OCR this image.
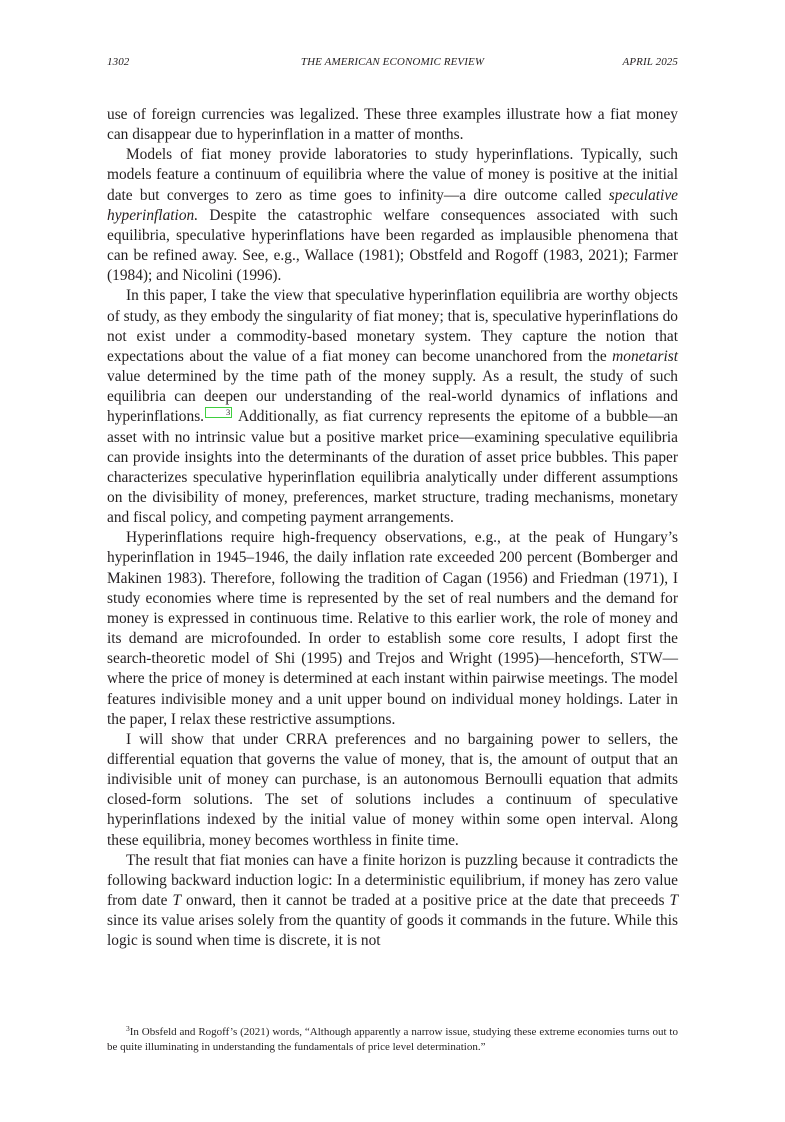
1302	THE AMERICAN ECONOMIC REVIEW	APRIL 2025

use of foreign currencies was legalized. These three examples illustrate how a fiat money can disappear due to hyperinflation in a matter of months.

Models of fiat money provide laboratories to study hyperinflations. Typically, such models feature a continuum of equilibria where the value of money is positive at the initial date but converges to zero as time goes to infinity—a dire outcome called speculative hyperinflation. Despite the catastrophic welfare consequences associated with such equilibria, speculative hyperinflations have been regarded as implausible phenomena that can be refined away. See, e.g., Wallace (1981); Obstfeld and Rogoff (1983, 2021); Farmer (1984); and Nicolini (1996).

In this paper, I take the view that speculative hyperinflation equilibria are worthy objects of study, as they embody the singularity of fiat money; that is, speculative hyperinflations do not exist under a commodity-based monetary system. They capture the notion that expectations about the value of a fiat money can become unanchored from the monetarist value determined by the time path of the money supply. As a result, the study of such equilibria can deepen our understanding of the real-world dynamics of inflations and hyperinflations.	3 Additionally, as fiat currency represents the epitome of a bubble—an asset with no intrinsic value but a positive market price—examining speculative equilibria can provide insights into the determinants of the duration of asset price bubbles. This paper characterizes speculative hyperinflation equilibria analytically under different assumptions on the divisibility of money, preferences, market structure, trading mechanisms, monetary and fiscal policy, and competing payment arrangements.

Hyperinflations require high-frequency observations, e.g., at the peak of Hungary’s hyperinflation in 1945–1946, the daily inflation rate exceeded 200 percent (Bomberger and Makinen 1983). Therefore, following the tradition of Cagan (1956) and Friedman (1971), I study economies where time is represented by the set of real numbers and the demand for money is expressed in continuous time. Relative to this earlier work, the role of money and its demand are microfounded. In order to establish some core results, I adopt first the search-theoretic model of Shi (1995) and Trejos and Wright (1995)—henceforth, STW—where the price of money is determined at each instant within pairwise meetings. The model features indivisible money and a unit upper bound on individual money holdings. Later in the paper, I relax these restrictive assumptions.

I will show that under CRRA preferences and no bargaining power to sellers, the differential equation that governs the value of money, that is, the amount of output that an indivisible unit of money can purchase, is an autonomous Bernoulli equation that admits closed-form solutions. The set of solutions includes a continuum of speculative hyperinflations indexed by the initial value of money within some open interval. Along these equilibria, money becomes worthless in finite time.

The result that fiat monies can have a finite horizon is puzzling because it contradicts the following backward induction logic: In a deterministic equilibrium, if money has zero value from date T onward, then it cannot be traded at a positive price at the date that preceeds T since its value arises solely from the quantity of goods it commands in the future. While this logic is sound when time is discrete, it is not

$^3$In Obsfeld and Rogoff’s (2021) words, “Although apparently a narrow issue, studying these extreme economies turns out to be quite illuminating in understanding the fundamentals of price level determination.”
